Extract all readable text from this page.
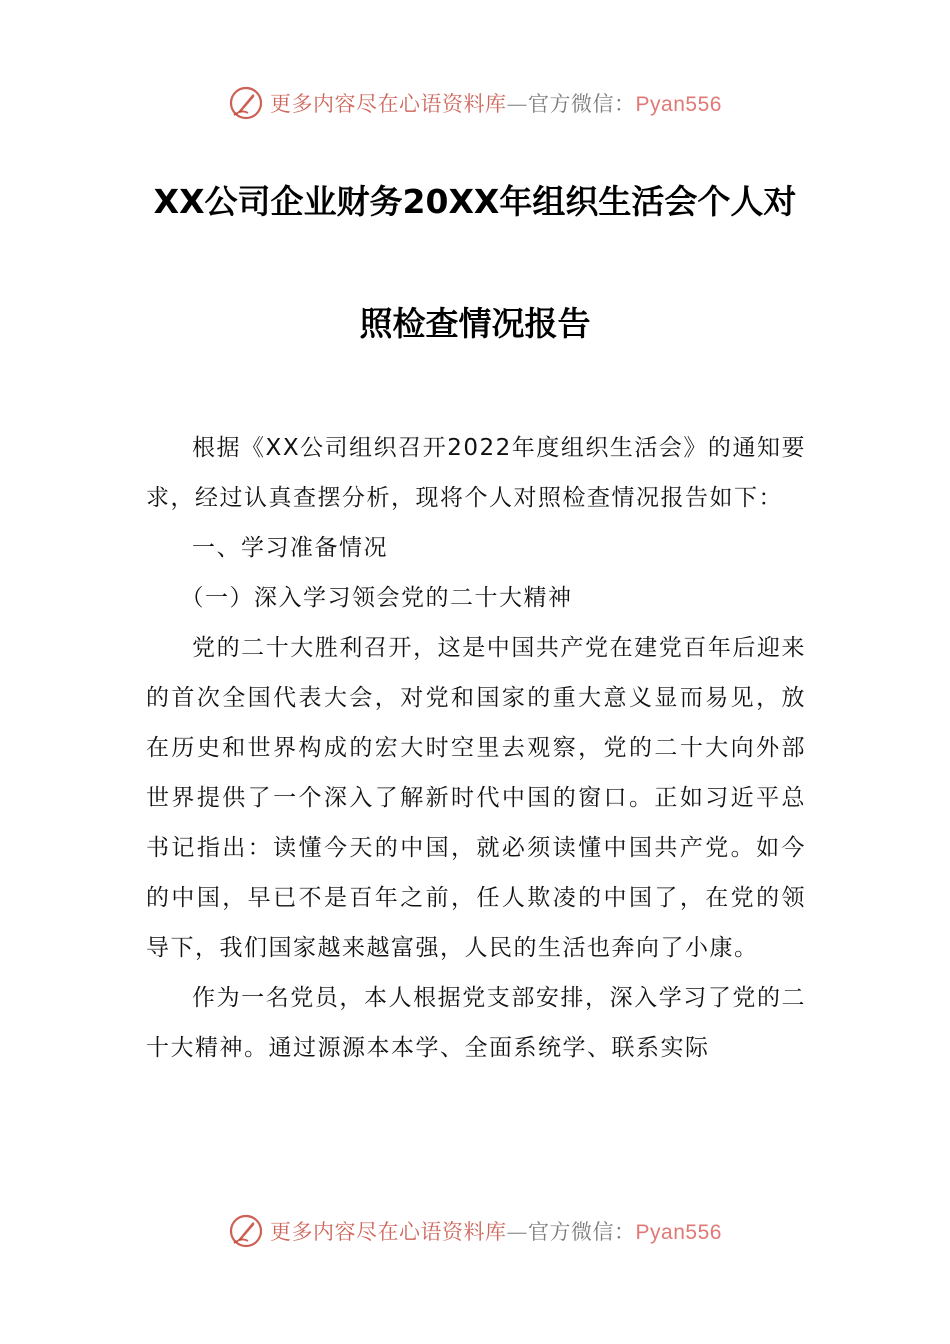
更多内容尽在心语资料库—官方微信：Pyan556
XX公司企业财务20XX年组织生活会个人对
照检查情况报告

根据《XX公司组织召开2022年度组织生活会》的通知要求，经过认真查摆分析，现将个人对照检查情况报告如下：

一、学习准备情况

（一）深入学习领会党的二十大精神

党的二十大胜利召开，这是中国共产党在建党百年后迎来的首次全国代表大会，对党和国家的重大意义显而易见，放在历史和世界构成的宏大时空里去观察，党的二十大向外部世界提供了一个深入了解新时代中国的窗口。正如习近平总书记指出：读懂今天的中国，就必须读懂中国共产党。如今的中国，早已不是百年之前，任人欺凌的中国了，在党的领导下，我们国家越来越富强，人民的生活也奔向了小康。

作为一名党员，本人根据党支部安排，深入学习了党的二十大精神。通过源源本本学、全面系统学、联系实际

更多内容尽在心语资料库—官方微信：Pyan556
